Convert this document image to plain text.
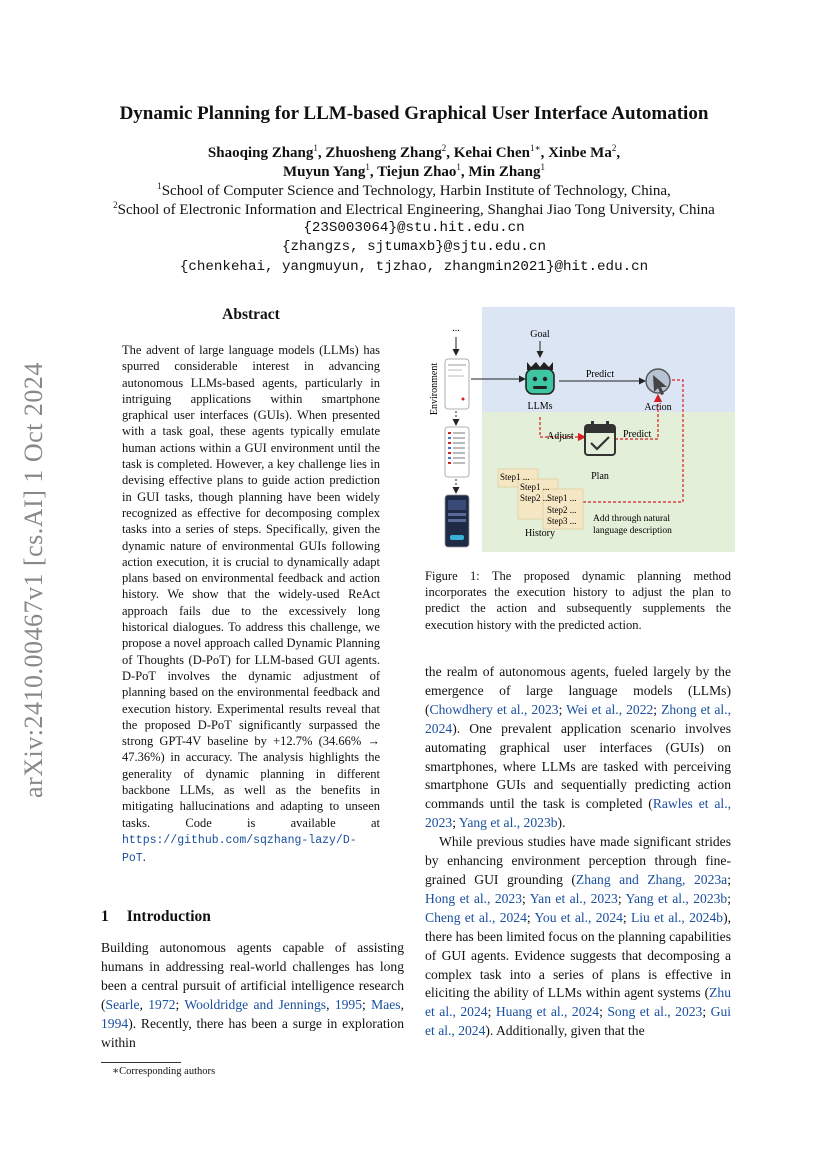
Dynamic Planning for LLM-based Graphical User Interface Automation
Shaoqing Zhang$^1$, Zhuosheng Zhang$^2$, Kehai Chen$^{1∗}$, Xinbe Ma$^2$,
Muyun Yang$^1$, Tiejun Zhao$^1$, Min Zhang$^1$
$^1$School of Computer Science and Technology, Harbin Institute of Technology, China,
$^2$School of Electronic Information and Electrical Engineering, Shanghai Jiao Tong University, China
{23S003064}@stu.hit.edu.cn
{zhangzs, sjtumaxb}@sjtu.edu.cn
{chenkehai, yangmuyun, tjzhao, zhangmin2021}@hit.edu.cn
arXiv:2410.00467v1 [cs.AI] 1 Oct 2024
Abstract
The advent of large language models (LLMs) has spurred considerable interest in advancing autonomous LLMs-based agents, particularly in intriguing applications within smartphone graphical user interfaces (GUIs). When presented with a task goal, these agents typically emulate human actions within a GUI environment until the task is completed. However, a key challenge lies in devising effective plans to guide action prediction in GUI tasks, though planning have been widely recognized as effective for decomposing complex tasks into a series of steps. Specifically, given the dynamic nature of environmental GUIs following action execution, it is crucial to dynamically adapt plans based on environmental feedback and action history. We show that the widely-used ReAct approach fails due to the excessively long historical dialogues. To address this challenge, we propose a novel approach called Dynamic Planning of Thoughts (D-PoT) for LLM-based GUI agents. D-PoT involves the dynamic adjustment of planning based on the environmental feedback and execution history. Experimental results reveal that the proposed D-PoT significantly surpassed the strong GPT-4V baseline by +12.7% (34.66% → 47.36%) in accuracy. The analysis highlights the generality of dynamic planning in different backbone LLMs, as well as the benefits in mitigating hallucinations and adapting to unseen tasks. Code is available at https://github.com/sqzhang-lazy/D-PoT.
1 Introduction
Building autonomous agents capable of assisting humans in addressing real-world challenges has long been a central pursuit of artificial intelligence research (Searle, 1972; Wooldridge and Jennings, 1995; Maes, 1994). Recently, there has been a surge in exploration within
∗Corresponding authors
...
Environment
Goal
LLMs
Predict
Action
Adjust	Predict
Plan
Step1 ...
Step1 ...
Step2 ...
Step1 ...
Step2 ...
Step3 ...
History
Add through natural
language description
Figure 1: The proposed dynamic planning method incorporates the execution history to adjust the plan to predict the action and subsequently supplements the execution history with the predicted action.

the realm of autonomous agents, fueled largely by the emergence of large language models (LLMs) (Chowdhery et al., 2023; Wei et al., 2022; Zhong et al., 2024). One prevalent application scenario involves automating graphical user interfaces (GUIs) on smartphones, where LLMs are tasked with perceiving smartphone GUIs and sequentially predicting action commands until the task is completed (Rawles et al., 2023; Yang et al., 2023b).

While previous studies have made significant strides by enhancing environment perception through fine-grained GUI grounding (Zhang and Zhang, 2023a; Hong et al., 2023; Yan et al., 2023; Yang et al., 2023b; Cheng et al., 2024; You et al., 2024; Liu et al., 2024b), there has been limited focus on the planning capabilities of GUI agents. Evidence suggests that decomposing a complex task into a series of plans is effective in eliciting the ability of LLMs within agent systems (Zhu et al., 2024; Huang et al., 2024; Song et al., 2023; Gui et al., 2024). Additionally, given that the
